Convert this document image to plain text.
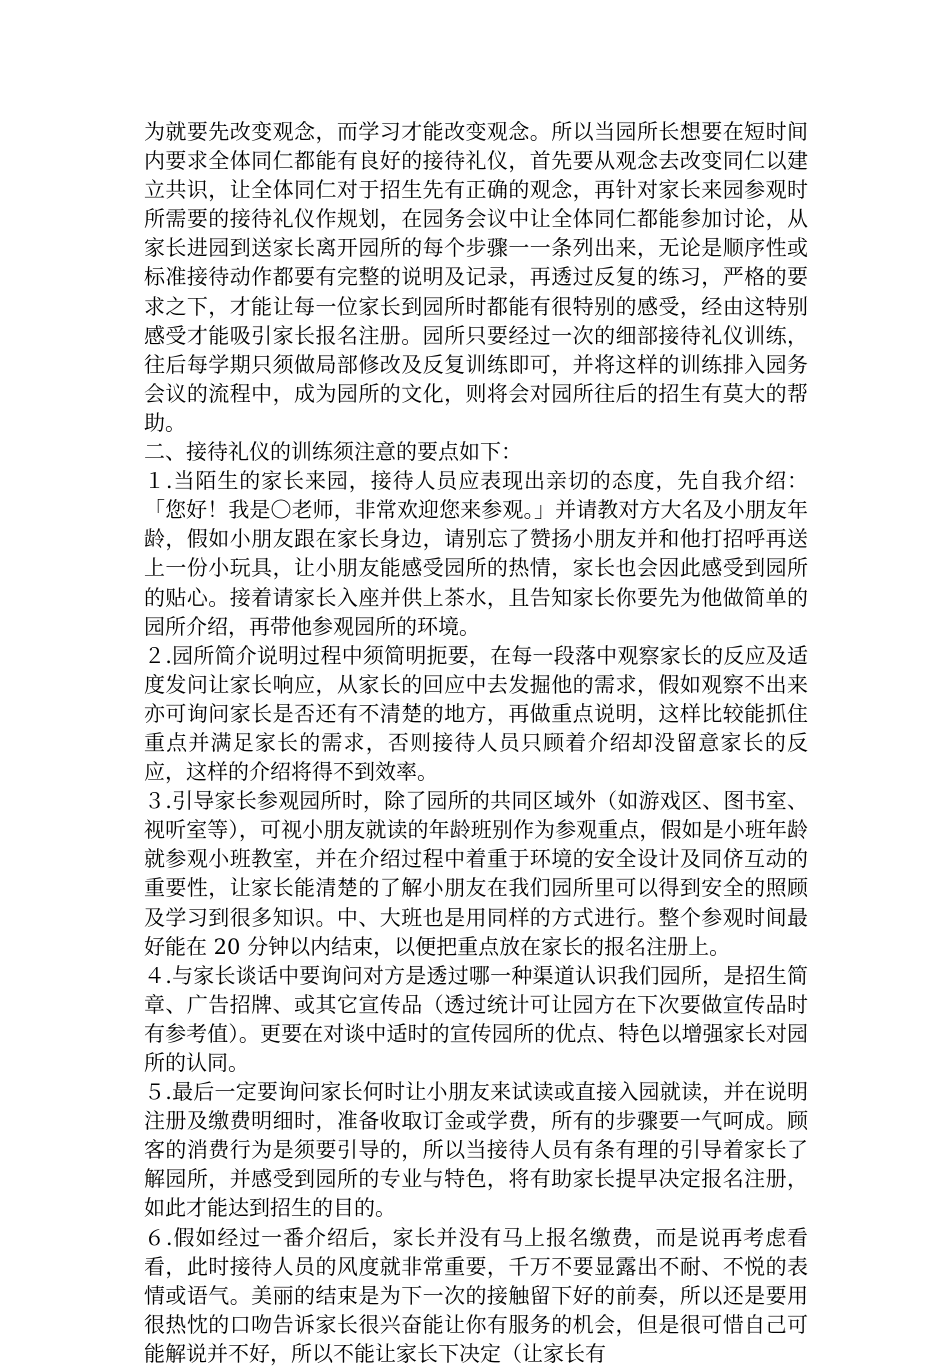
为就要先改变观念，而学习才能改变观念。所以当园所长想要在短时间内要求全体同仁都能有良好的接待礼仪，首先要从观念去改变同仁以建立共识，让全体同仁对于招生先有正确的观念，再针对家长来园参观时所需要的接待礼仪作规划，在园务会议中让全体同仁都能参加讨论，从家长进园到送家长离开园所的每个步骤一一条列出来，无论是顺序性或标准接待动作都要有完整的说明及记录，再透过反复的练习，严格的要求之下，才能让每一位家长到园所时都能有很特别的感受，经由这特别感受才能吸引家长报名注册。园所只要经过一次的细部接待礼仪训练，往后每学期只须做局部修改及反复训练即可，并将这样的训练排入园务会议的流程中，成为园所的文化，则将会对园所往后的招生有莫大的帮助。

二、接待礼仪的训练须注意的要点如下：

１.当陌生的家长来园，接待人员应表现出亲切的态度，先自我介绍：「您好！我是〇老师，非常欢迎您来参观。」并请教对方大名及小朋友年龄，假如小朋友跟在家长身边，请别忘了赞扬小朋友并和他打招呼再送上一份小玩具，让小朋友能感受园所的热情，家长也会因此感受到园所的贴心。接着请家长入座并供上茶水，且告知家长你要先为他做简单的园所介绍，再带他参观园所的环境。

２.园所简介说明过程中须简明扼要，在每一段落中观察家长的反应及适度发问让家长响应，从家长的回应中去发掘他的需求，假如观察不出来亦可询问家长是否还有不清楚的地方，再做重点说明，这样比较能抓住重点并满足家长的需求，否则接待人员只顾着介绍却没留意家长的反应，这样的介绍将得不到效率。

３.引导家长参观园所时，除了园所的共同区域外（如游戏区、图书室、视听室等），可视小朋友就读的年龄班别作为参观重点，假如是小班年龄就参观小班教室，并在介绍过程中着重于环境的安全设计及同侪互动的重要性，让家长能清楚的了解小朋友在我们园所里可以得到安全的照顾及学习到很多知识。中、大班也是用同样的方式进行。整个参观时间最好能在 20 分钟以内结束，以便把重点放在家长的报名注册上。

４.与家长谈话中要询问对方是透过哪一种渠道认识我们园所，是招生简章、广告招牌、或其它宣传品（透过统计可让园方在下次要做宣传品时有参考值）。更要在对谈中适时的宣传园所的优点、特色以增强家长对园所的认同。

５.最后一定要询问家长何时让小朋友来试读或直接入园就读，并在说明注册及缴费明细时，准备收取订金或学费，所有的步骤要一气呵成。顾客的消费行为是须要引导的，所以当接待人员有条有理的引导着家长了解园所，并感受到园所的专业与特色，将有助家长提早决定报名注册，如此才能达到招生的目的。

６.假如经过一番介绍后，家长并没有马上报名缴费，而是说再考虑看看，此时接待人员的风度就非常重要，千万不要显露出不耐、不悦的表情或语气。美丽的结束是为下一次的接触留下好的前奏，所以还是要用很热忱的口吻告诉家长很兴奋能让你有服务的机会，但是很可惜自己可能解说并不好，所以不能让家长下决定（让家长有
